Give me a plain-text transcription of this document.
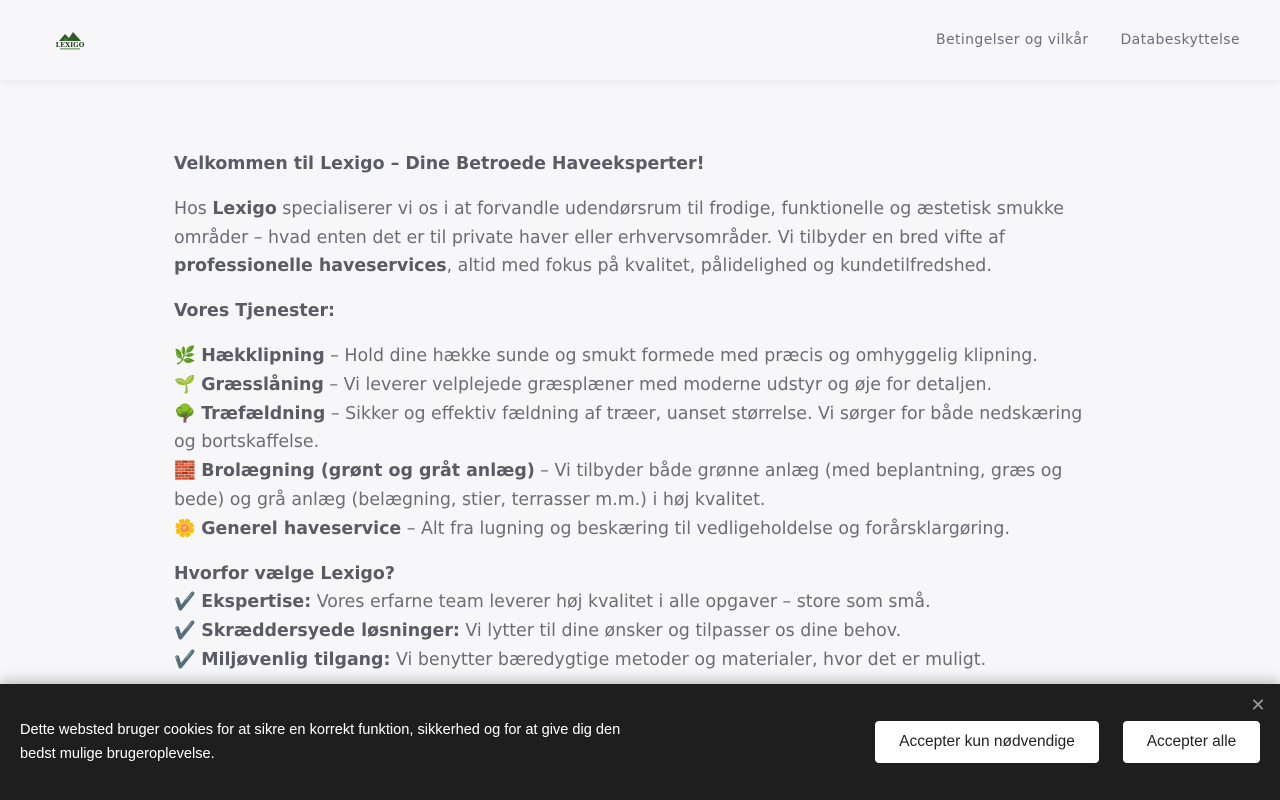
LEXIGO	Betingelser og vilkår Databeskyttelse

Velkommen til Lexigo – Dine Betroede Haveeksperter!

Hos Lexigo specialiserer vi os i at forvandle udendørsrum til frodige, funktionelle og æstetisk smukke områder – hvad enten det er til private haver eller erhvervsområder. Vi tilbyder en bred vifte af professionelle haveservices, altid med fokus på kvalitet, pålidelighed og kundetilfredshed.

Vores Tjenester:

🌿 Hækklipning – Hold dine hække sunde og smukt formede med præcis og omhyggelig klipning.
🌱 Græsslåning – Vi leverer velplejede græsplæner med moderne udstyr og øje for detaljen.
🌳 Træfældning – Sikker og effektiv fældning af træer, uanset størrelse. Vi sørger for både nedskæring og bortskaffelse.
🧱 Brolægning (grønt og gråt anlæg) – Vi tilbyder både grønne anlæg (med beplantning, græs og bede) og grå anlæg (belægning, stier, terrasser m.m.) i høj kvalitet.
🌼 Generel haveservice – Alt fra lugning og beskæring til vedligeholdelse og forårsklargøring.

Hvorfor vælge Lexigo?
✔️ Ekspertise: Vores erfarne team leverer høj kvalitet i alle opgaver – store som små.
✔️ Skræddersyede løsninger: Vi lytter til dine ønsker og tilpasser os dine behov.
✔️ Miljøvenlig tilgang: Vi benytter bæredygtige metoder og materialer, hvor det er muligt.

Dette websted bruger cookies for at sikre en korrekt funktion, sikkerhed og for at give dig den bedst mulige brugeroplevelse.
✕
Accepter kun nødvendige	Accepter alle
